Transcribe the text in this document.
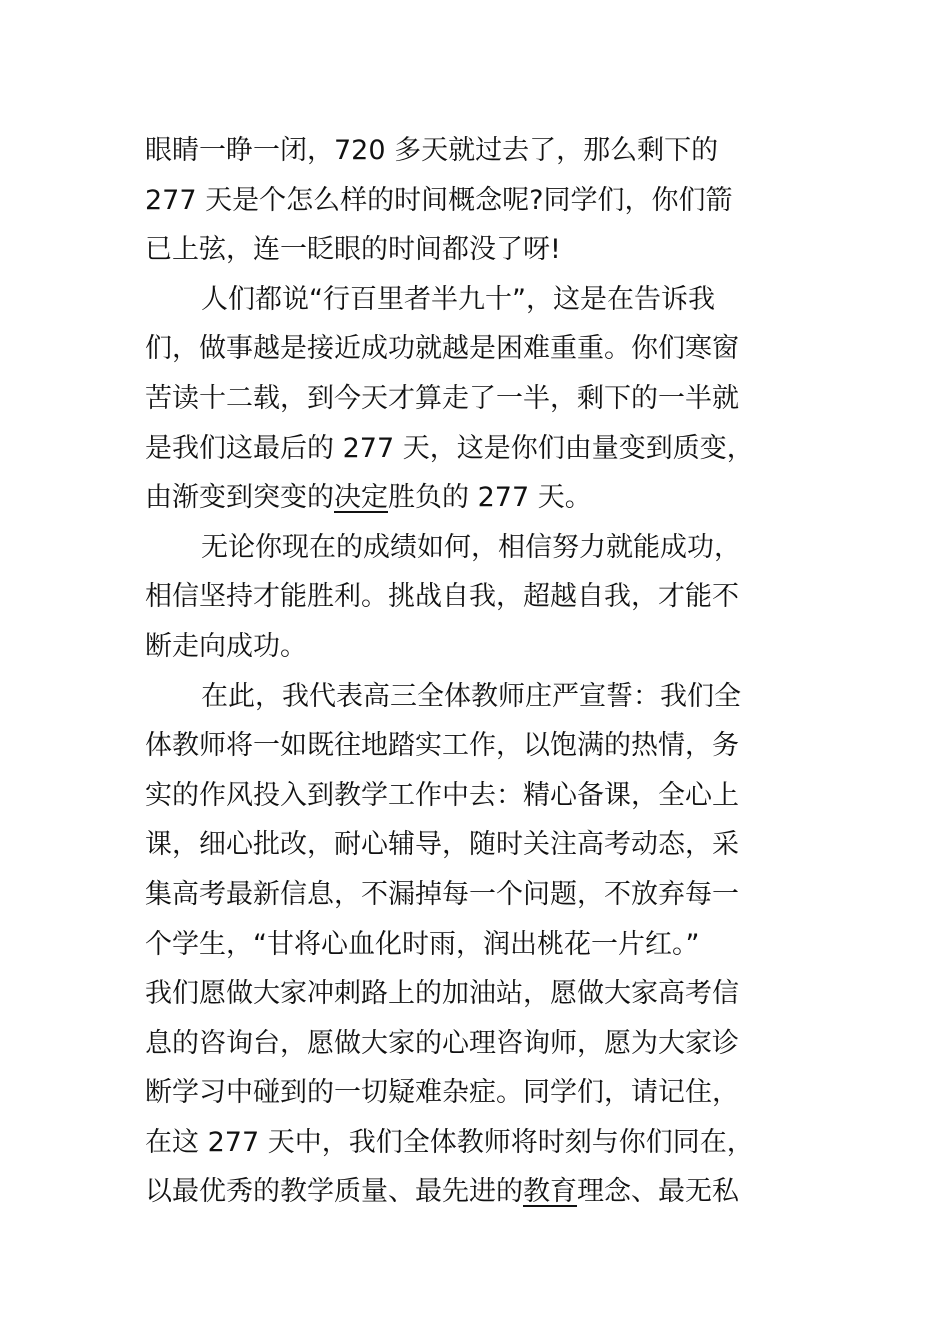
眼睛一睁一闭，720 多天就过去了，那么剩下的
277 天是个怎么样的时间概念呢?同学们，你们箭
已上弦，连一眨眼的时间都没了呀!
人们都说“行百里者半九十”，这是在告诉我
们，做事越是接近成功就越是困难重重。你们寒窗
苦读十二载，到今天才算走了一半，剩下的一半就
是我们这最后的 277 天，这是你们由量变到质变，
由渐变到突变的决定胜负的 277 天。
无论你现在的成绩如何，相信努力就能成功，
相信坚持才能胜利。挑战自我，超越自我，才能不
断走向成功。
在此，我代表高三全体教师庄严宣誓：我们全
体教师将一如既往地踏实工作，以饱满的热情，务
实的作风投入到教学工作中去：精心备课，全心上
课，细心批改，耐心辅导，随时关注高考动态，采
集高考最新信息，不漏掉每一个问题，不放弃每一
个学生，“甘将心血化时雨，润出桃花一片红。”
我们愿做大家冲刺路上的加油站，愿做大家高考信
息的咨询台，愿做大家的心理咨询师，愿为大家诊
断学习中碰到的一切疑难杂症。同学们，请记住，
在这 277 天中，我们全体教师将时刻与你们同在，
以最优秀的教学质量、最先进的教育理念、最无私
